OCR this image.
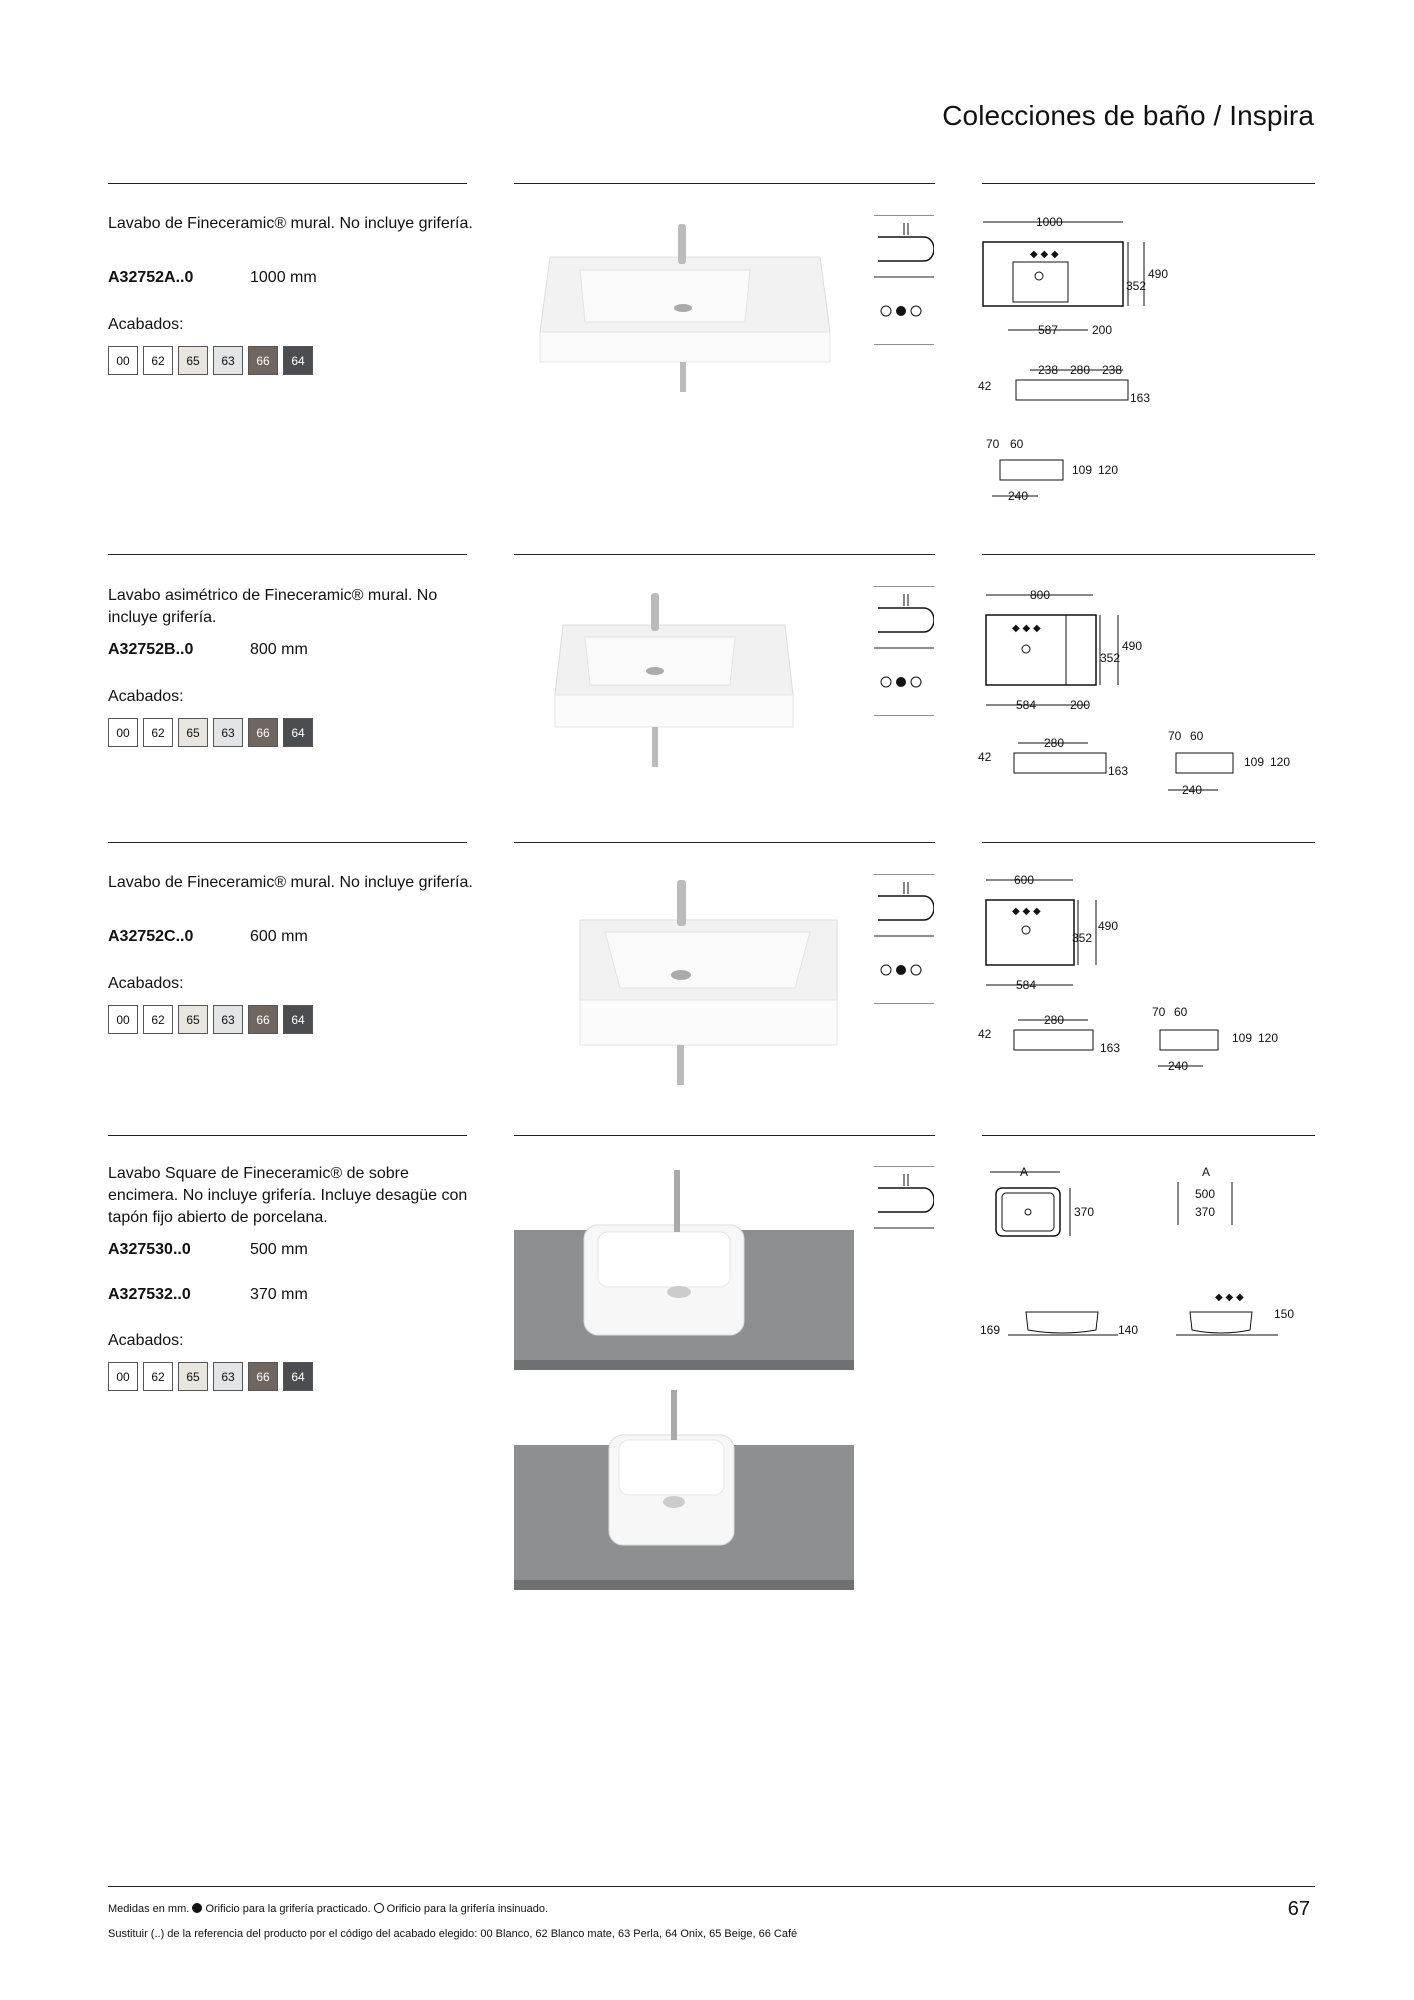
Colecciones de baño / Inspira
Lavabo de Fineceramic® mural. No incluye grifería.
A32752A..0	1000 mm
Acabados:
00	62	65	63	66	64
Lavabo asimétrico de Fineceramic® mural. No incluye grifería.
A32752B..0	800 mm
Acabados:
00	62	65	63	66	64
Lavabo de Fineceramic® mural. No incluye grifería.
A32752C..0	600 mm
Acabados:
00	62	65	63	66	64
Lavabo Square de Fineceramic® de sobre encimera. No incluye grifería. Incluye desagüe con tapón fijo abierto de porcelana.
A327530..0	500 mm
A327532..0	370 mm
Acabados:
00	62	65	63	66	64
1000
◆ ◆ ◆
352
490
587	200
238 280 238
42
163
70 60
109 120
240
800
◆ ◆ ◆
352
490
584	200
280
42
163
70 60
109 120
240
600
◆ ◆ ◆
352
490
584
280
42
163
70 60
109 120
240
A
370
A
500
370
169	140
◆ ◆ ◆
150
Medidas en mm. Orificio para la grifería practicado. Orificio para la grifería insinuado.
Sustituir (..) de la referencia del producto por el código del acabado elegido: 00 Blanco, 62 Blanco mate, 63 Perla, 64 Onix, 65 Beige, 66 Café
67
